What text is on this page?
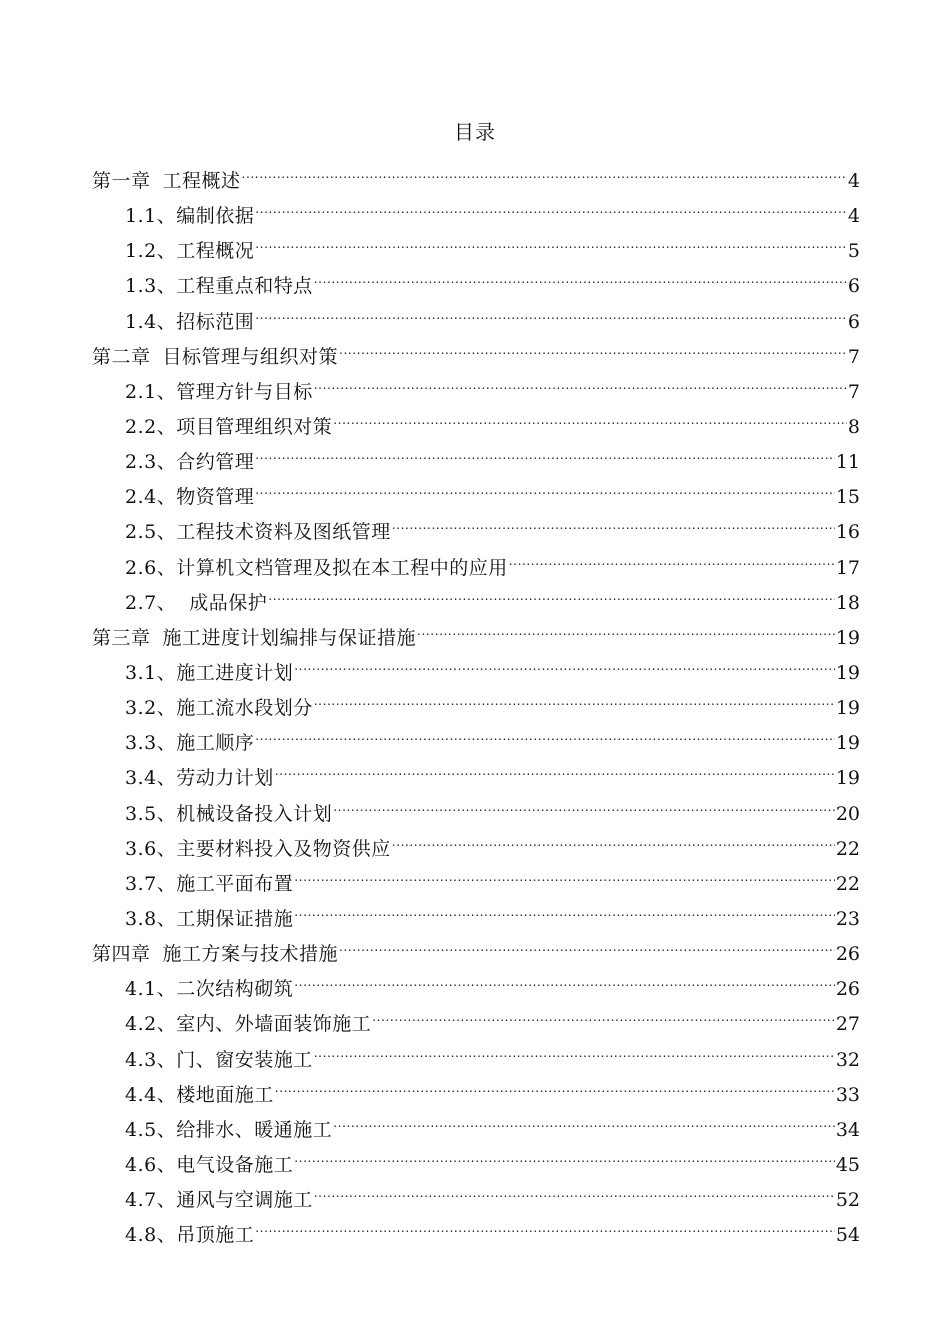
目录
第一章 工程概述 .....	4
1.1、编制依据 .....	4
1.2、工程概况 .....	5
1.3、工程重点和特点 .....	6
1.4、招标范围 .....	6
第二章 目标管理与组织对策 .....	7
2.1、管理方针与目标 .....	7
2.2、项目管理组织对策 .....	8
2.3、合约管理 .....	11
2.4、物资管理 .....	15
2.5、工程技术资料及图纸管理 .....	16
2.6、计算机文档管理及拟在本工程中的应用 .....	17
2.7、  成品保护 .....	18
第三章 施工进度计划编排与保证措施 .....	19
3.1、施工进度计划 .....	19
3.2、施工流水段划分 .....	19
3.3、施工顺序 .....	19
3.4、劳动力计划 .....	19
3.5、机械设备投入计划 .....	20
3.6、主要材料投入及物资供应 .....	22
3.7、施工平面布置 .....	22
3.8、工期保证措施 .....	23
第四章 施工方案与技术措施 .....	26
4.1、二次结构砌筑 .....	26
4.2、室内、外墙面装饰施工 .....	27
4.3、门、窗安装施工 .....	32
4.4、楼地面施工 .....	33
4.5、给排水、暖通施工 .....	34
4.6、电气设备施工 .....	45
4.7、通风与空调施工 .....	52
4.8、吊顶施工 .....	54
